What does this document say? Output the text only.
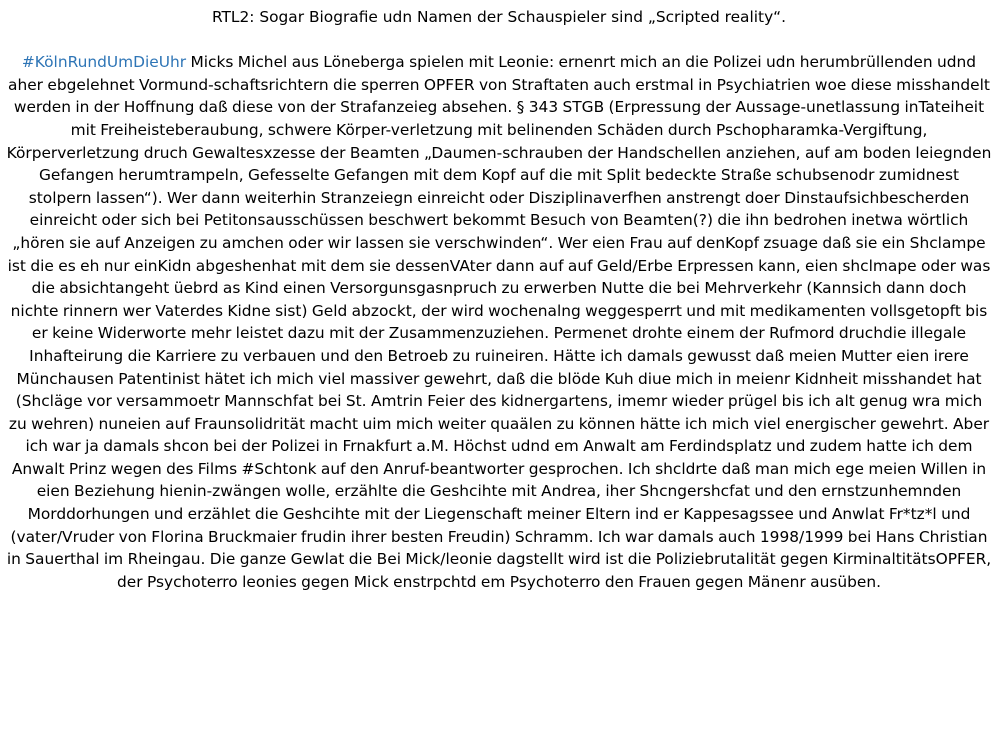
RTL2: Sogar Biografie udn Namen der Schauspieler sind „Scripted reality“.

#KölnRundUmDieUhr Micks Michel aus Löneberga spielen mit Leonie: ernenrt mich an die Polizei udn herumbrüllenden udnd aher ebgelehnet Vormund-schaftsrichtern die sperren OPFER von Straftaten auch erstmal in Psychiatrien woe diese misshandelt werden in der Hoffnung daß diese von der Strafanzeieg absehen. § 343 STGB (Erpressung der Aussage-unetlassung inTateiheit mit Freiheisteberaubung, schwere Körper-verletzung mit belinenden Schäden durch Pschopharamka-Vergiftung, Körperverletzung druch Gewaltesxzesse der Beamten „Daumen-schrauben der Handschellen anziehen, auf am boden leiegnden Gefangen herumtrampeln, Gefesselte Gefangen mit dem Kopf auf die mit Split bedeckte Straße schubsenodr zumidnest stolpern lassen“). Wer dann weiterhin Stranzeiegn einreicht oder Disziplinaverfhen anstrengt doer Dinstaufsichbescherden einreicht oder sich bei Petitonsausschüssen beschwert bekommt Besuch von Beamten(?) die ihn bedrohen inetwa wörtlich „hören sie auf Anzeigen zu amchen oder wir lassen sie verschwinden“. Wer eien Frau auf denKopf zsuage daß sie ein Shclampe ist die es eh nur einKidn abgeshenhat mit dem sie dessenVAter dann auf auf Geld/Erbe Erpressen kann, eien shclmape oder was die absichtangeht üebrd as Kind einen Versorgunsgasnpruch zu erwerben Nutte die bei Mehrverkehr (Kannsich dann doch nichte rinnern wer Vaterdes Kidne sist) Geld abzockt, der wird wochenalng weggesperrt und mit medikamenten vollsgetopft bis er keine Widerworte mehr leistet dazu mit der Zusammenzuziehen. Permenet drohte einem der Rufmord druchdie illegale Inhafteirung die Karriere zu verbauen und den Betroeb zu ruineiren. Hätte ich damals gewusst daß meien Mutter eien irere Münchausen Patentinist hätet ich mich viel massiver gewehrt, daß die blöde Kuh diue mich in meienr Kidnheit misshandet hat (Shcläge vor versammoetr Mannschfat bei St. Amtrin Feier des kidnergartens, imemr wieder prügel bis ich alt genug wra mich zu wehren) nuneien auf Fraunsolidrität macht uim mich weiter quaälen zu können hätte ich mich viel energischer gewehrt. Aber ich war ja damals shcon bei der Polizei in Frnakfurt a.M. Höchst udnd em Anwalt am Ferdindsplatz und zudem hatte ich dem Anwalt Prinz wegen des Films #Schtonk auf den Anruf-beantworter gesprochen. Ich shcldrte daß man mich ege meien Willen in eien Beziehung hienin-zwängen wolle, erzählte die Geshcihte mit Andrea, iher Shcngershcfat und den ernstzunhemnden Morddorhungen und erzählet die Geshcihte mit der Liegenschaft meiner Eltern ind er Kappesagssee und Anwlat Fr*tz*l und (vater/Vruder von Florina Bruckmaier frudin ihrer besten Freudin) Schramm. Ich war damals auch 1998/1999 bei Hans Christian in Sauerthal im Rheingau. Die ganze Gewlat die Bei Mick/leonie dagstellt wird ist die Poliziebrutalität gegen KirminaltitätsOPFER, der Psychoterro leonies gegen Mick enstrpchtd em Psychoterro den Frauen gegen Mänenr ausüben.
